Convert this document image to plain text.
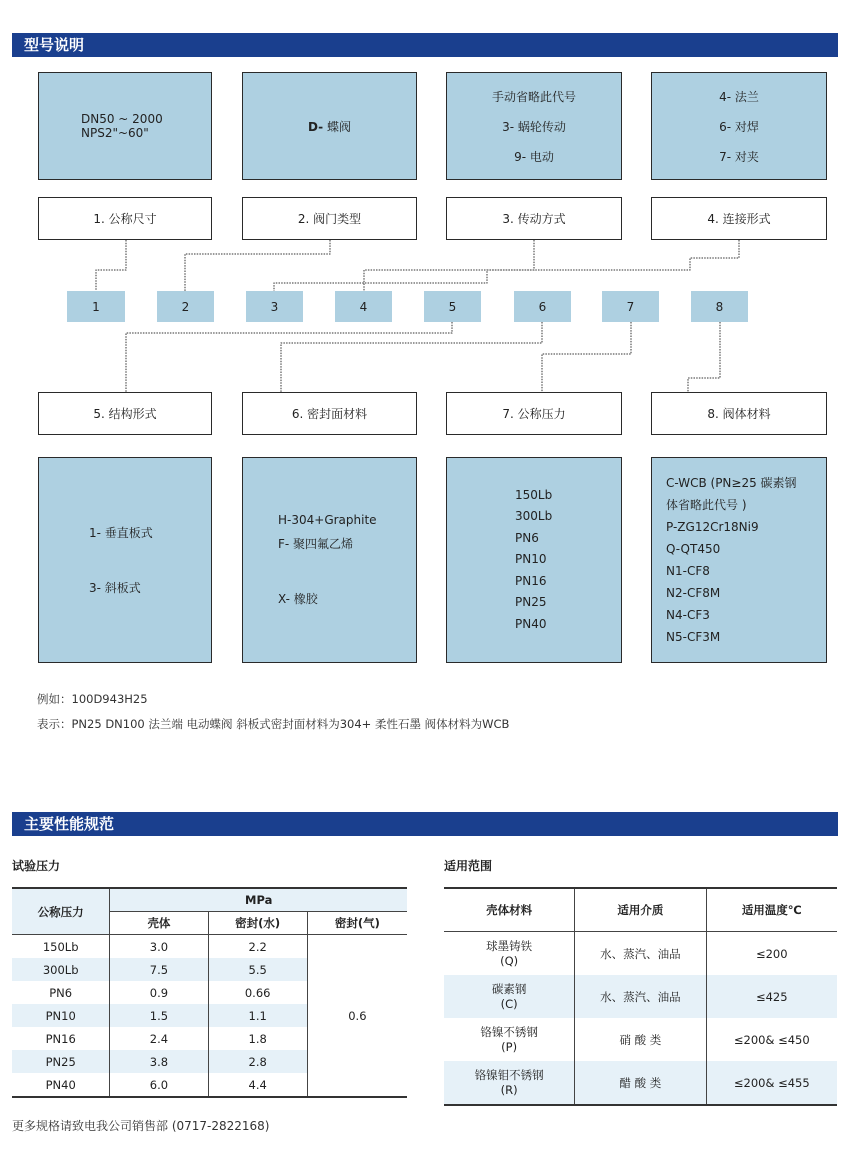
型号说明
DN50 ~ 2000
NPS2"~60"	D- 蝶阀
手动省略此代号
3- 蜗轮传动
9- 电动
4- 法兰
6- 对焊
7- 对夹
1. 公称尺寸	2. 阀门类型	3. 传动方式	4. 连接形式
1	2	3	4	5	6	7	8
5. 结构形式	6. 密封面材料	7. 公称压力	8. 阀体材料
1- 垂直板式
3- 斜板式
H-304+Graphite
F- 聚四氟乙烯
X- 橡胶
150Lb
300Lb
PN6
PN10
PN16
PN25
PN40
C-WCB (PN≥25 碳素钢
体省略此代号 )
P-ZG12Cr18Ni9
Q-QT450
N1-CF8
N2-CF8M
N4-CF3
N5-CF3M
例如：100D943H25
表示：PN25 DN100 法兰端 电动蝶阀 斜板式密封面材料为304+ 柔性石墨 阀体材料为WCB
主要性能规范
试验压力	适用范围
公称压力	MPa		
	壳体	密封(水)	密封(气)
150Lb	3.0	2.2	0.6
300Lb	7.5	5.5	
PN6	0.9	0.66	
PN10	1.5	1.1	
PN16	2.4	1.8	
PN25	3.8	2.8	
PN40	6.0	4.4	
壳体材料	适用介质	适用温度℃

球墨铸铁
(Q)	水、蒸汽、油品	≤200

碳素钢
(C)	水、蒸汽、油品	≤425

铬镍不锈钢
(P)	硝 酸 类	≤200& ≤450

铬镍钼不锈钢
(R)	醋 酸 类	≤200& ≤455
更多规格请致电我公司销售部 (0717-2822168)
